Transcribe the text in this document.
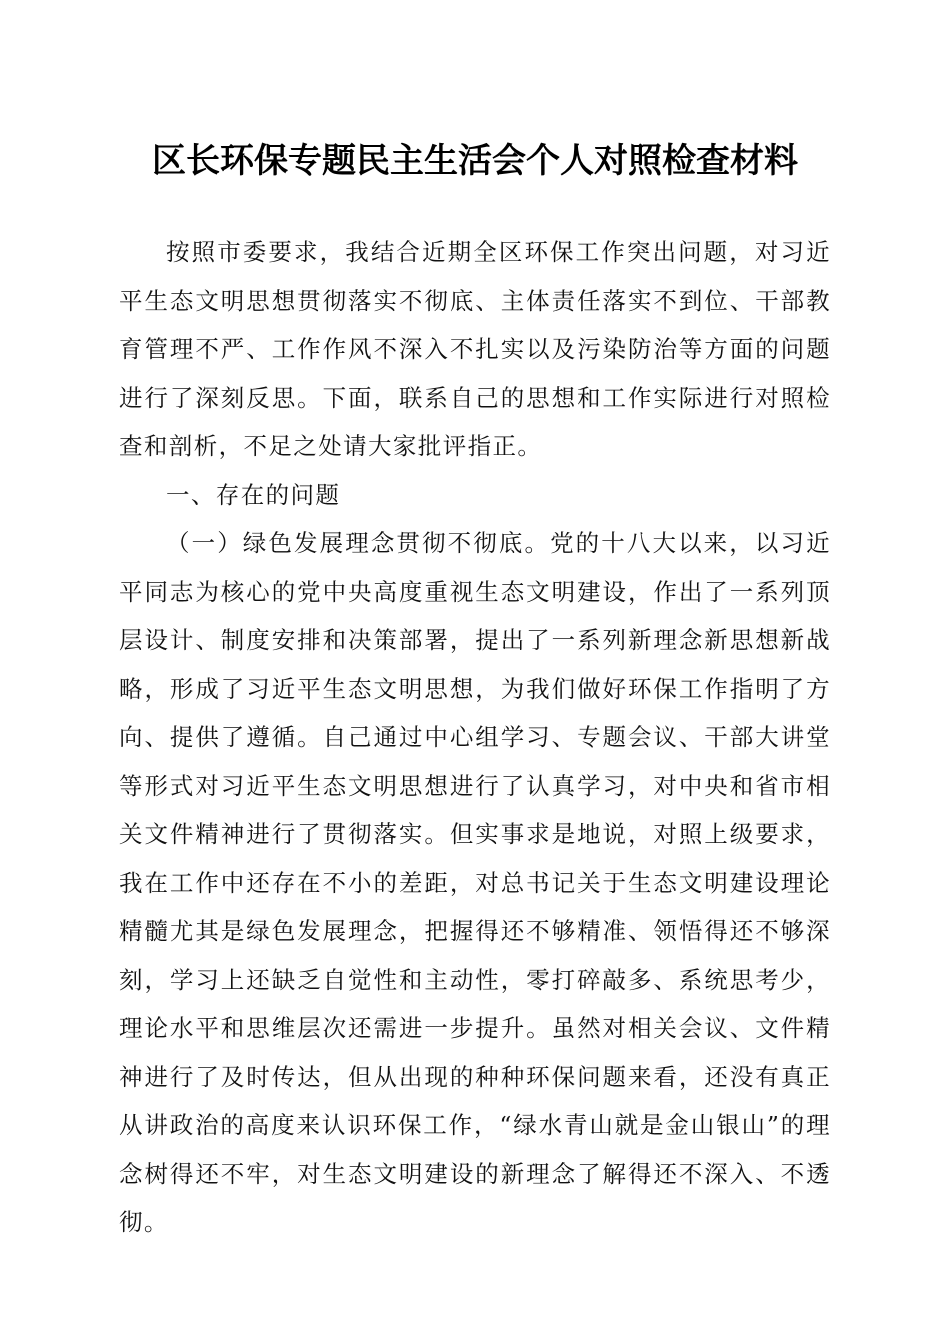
区长环保专题民主生活会个人对照检查材料

按照市委要求，我结合近期全区环保工作突出问题，对习近平生态文明思想贯彻落实不彻底、主体责任落实不到位、干部教育管理不严、工作作风不深入不扎实以及污染防治等方面的问题进行了深刻反思。下面，联系自己的思想和工作实际进行对照检查和剖析，不足之处请大家批评指正。

一、存在的问题

（一）绿色发展理念贯彻不彻底。党的十八大以来，以习近平同志为核心的党中央高度重视生态文明建设，作出了一系列顶层设计、制度安排和决策部署，提出了一系列新理念新思想新战略，形成了习近平生态文明思想，为我们做好环保工作指明了方向、提供了遵循。自己通过中心组学习、专题会议、干部大讲堂等形式对习近平生态文明思想进行了认真学习，对中央和省市相关文件精神进行了贯彻落实。但实事求是地说，对照上级要求，我在工作中还存在不小的差距，对总书记关于生态文明建设理论精髓尤其是绿色发展理念，把握得还不够精准、领悟得还不够深刻，学习上还缺乏自觉性和主动性，零打碎敲多、系统思考少，理论水平和思维层次还需进一步提升。虽然对相关会议、文件精神进行了及时传达，但从出现的种种环保问题来看，还没有真正从讲政治的高度来认识环保工作，“绿水青山就是金山银山”的理念树得还不牢，对生态文明建设的新理念了解得还不深入、不透彻。
